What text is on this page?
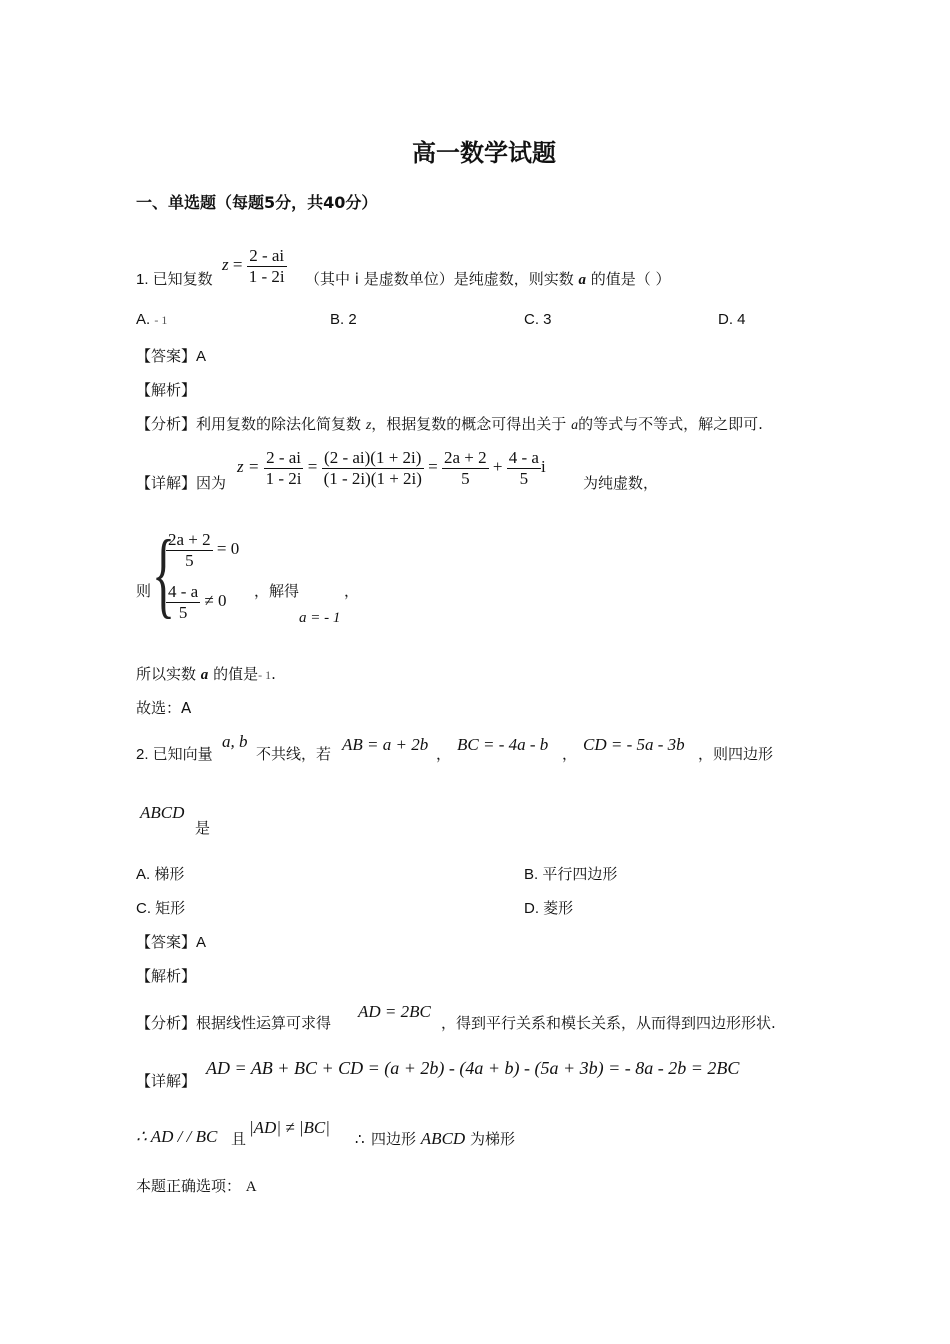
高一数学试题
一、单选题（每题5分，共40分）
1. 已知复数
$z = \frac{2 - ai}{1 - 2i}$ （其中 i 是虚数单位）是纯虚数，则实数 a 的值是（ ）
A. - 1	B. 2	C. 3	D. 4
【答案】A
【解析】
【分析】利用复数的除法化简复数 z，根据复数的概念可得出关于 a的等式与不等式，解之即可.
【详解】因为
$z = \frac{2 - ai}{1 - 2i} = \frac{(2 - ai)(1 + 2i)}{(1 - 2i)(1 + 2i)} = \frac{2a + 2}{5} + \frac{4 - a}{5}$ i
为纯虚数，
则 {
$\frac{2a + 2}{5} = 0$
$\frac{4 - a}{5} \ne 0$ ，解得	，
a = - 1
所以实数 a 的值是- 1.
故选：A
2. 已知向量
a, b
不共线，若 AB = a + 2b ， BC = - 4a - b ， CD = - 5a - 3b ，则四边形
ABCD
是
A. 梯形	B. 平行四边形
C. 矩形	D. 菱形
【答案】A
【解析】
【分析】根据线性运算可求得
AD = 2BC
，得到平行关系和模长关系，从而得到四边形形状.
【详解】
AD = AB + BC + CD = (a + 2b) - (4a + b) - (5a + 3b) = - 8a - 2b = 2BC
∴ AD / / BC 且
|AD| ≠ |BC|
∴ 四边形 ABCD 为梯形
本题正确选项： A
